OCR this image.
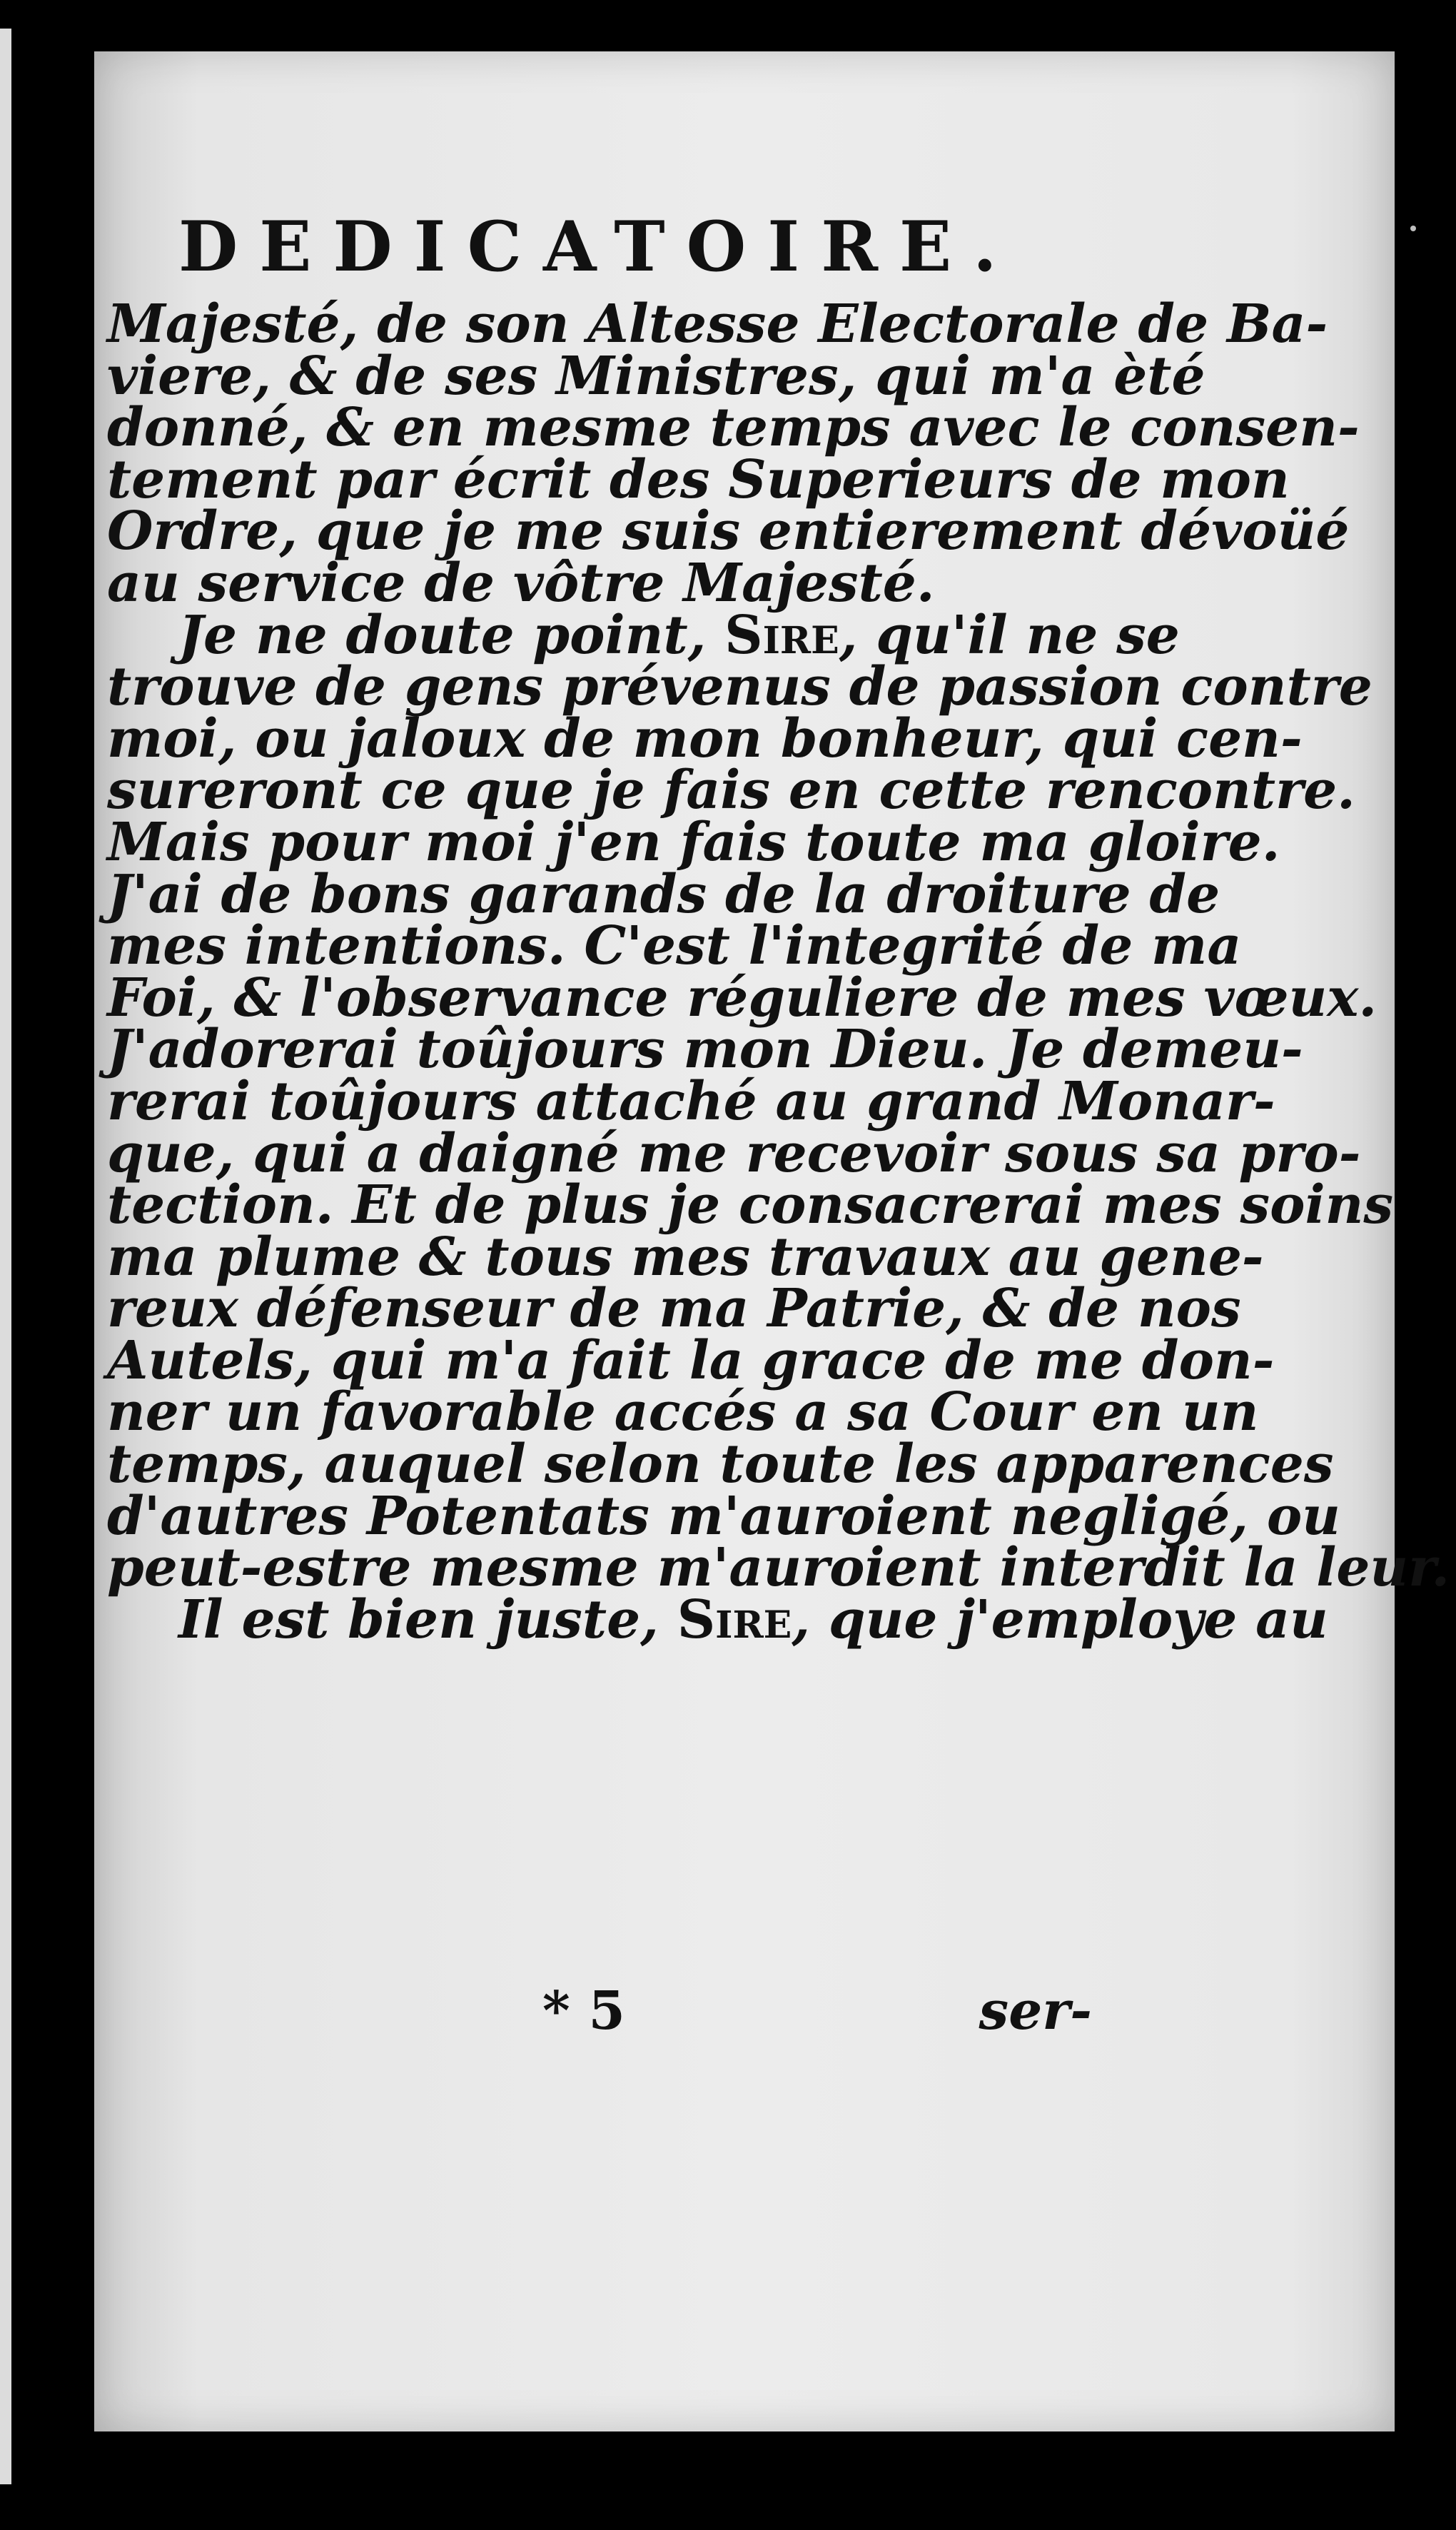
DEDICATOIRE.
Majesté, de son Altesse Electorale de Ba-
viere, & de ses Ministres, qui m'a èté
donné, & en mesme temps avec le consen-
tement par écrit des Superieurs de mon
Ordre, que je me suis entierement dévoüé
au service de vôtre Majesté.
Je ne doute point, Sire, qu'il ne se
trouve de gens prévenus de passion contre
moi, ou jaloux de mon bonheur, qui cen-
sureront ce que je fais en cette rencontre.
Mais pour moi j'en fais toute ma gloire.
J'ai de bons garands de la droiture de
mes intentions. C'est l'integrité de ma
Foi, & l'observance réguliere de mes vœux.
J'adorerai toûjours mon Dieu. Je demeu-
rerai toûjours attaché au grand Monar-
que, qui a daigné me recevoir sous sa pro-
tection. Et de plus je consacrerai mes soins
ma plume & tous mes travaux au gene-
reux défenseur de ma Patrie, & de nos
Autels, qui m'a fait la grace de me don-
ner un favorable accés a sa Cour en un
temps, auquel selon toute les apparences
d'autres Potentats m'auroient negligé, ou
peut-estre mesme m'auroient interdit la leur.
Il est bien juste, Sire, que j'employe au
* 5	ser-
